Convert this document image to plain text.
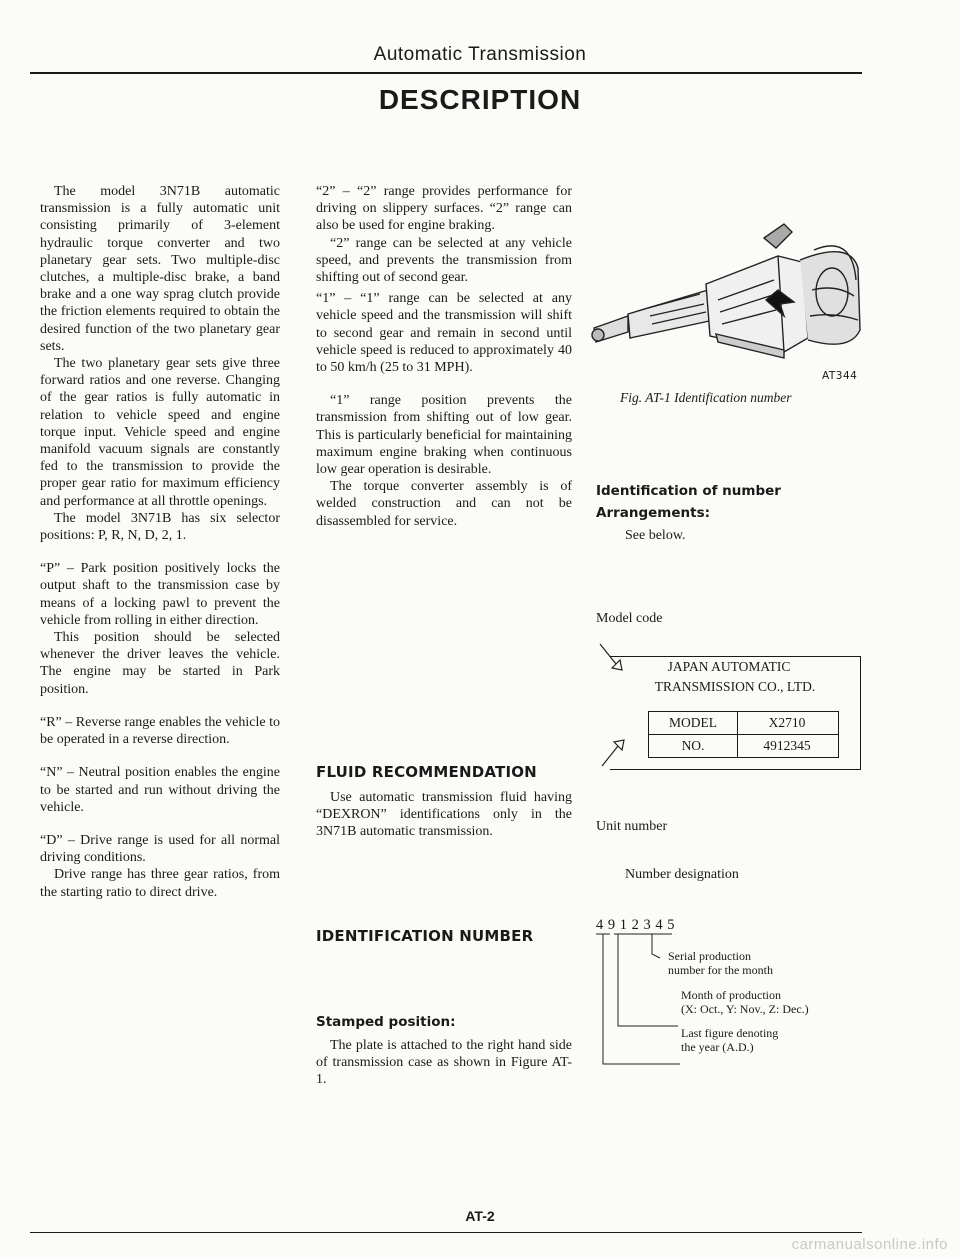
Automatic Transmission
DESCRIPTION

The model 3N71B automatic transmission is a fully automatic unit consisting primarily of 3-element hydraulic torque converter and two planetary gear sets. Two multiple-disc clutches, a multiple-disc brake, a band brake and a one way sprag clutch provide the friction elements required to obtain the desired function of the two planetary gear sets.

The two planetary gear sets give three forward ratios and one reverse. Changing of the gear ratios is fully automatic in relation to vehicle speed and engine torque input. Vehicle speed and engine manifold vacuum signals are constantly fed to the transmission to provide the proper gear ratio for maximum efficiency and performance at all throttle openings.

The model 3N71B has six selector positions: P, R, N, D, 2, 1.

“P” – Park position positively locks the output shaft to the transmission case by means of a locking pawl to prevent the vehicle from rolling in either direction.

This position should be selected whenever the driver leaves the vehicle. The engine may be started in Park position.

“R” – Reverse range enables the vehicle to be operated in a reverse direction.

“N” – Neutral position enables the engine to be started and run without driving the vehicle.

“D” – Drive range is used for all normal driving conditions.

Drive range has three gear ratios, from the starting ratio to direct drive.

“2” – “2” range provides performance for driving on slippery surfaces. “2” range can also be used for engine braking.

“2” range can be selected at any vehicle speed, and prevents the transmission from shifting out of second gear.

“1” – “1” range can be selected at any vehicle speed and the transmission will shift to second gear and remain in second until vehicle speed is reduced to approximately 40 to 50 km/h (25 to 31 MPH).

“1” range position prevents the transmission from shifting out of low gear. This is particularly beneficial for maintaining maximum engine braking when continuous low gear operation is desirable.

The torque converter assembly is of welded construction and can not be disassembled for service.

FLUID RECOMMENDATION

Use automatic transmission fluid having “DEXRON” identifications only in the 3N71B automatic transmission.

IDENTIFICATION NUMBER
Stamped position:

The plate is attached to the right hand side of transmission case as shown in Figure AT-1.

AT344
Fig. AT-1 Identification number
Identification of number
Arrangements:
See below.
Model code
JAPAN AUTOMATIC
TRANSMISSION CO., LTD.
MODEL	X2710
NO.	4912345
Unit number
Number designation
4 9 1 2 3 4 5
Serial production
number for the month
Month of production
(X: Oct., Y: Nov., Z: Dec.)
Last figure denoting
the year (A.D.)
AT-2
carmanualsonline.info
